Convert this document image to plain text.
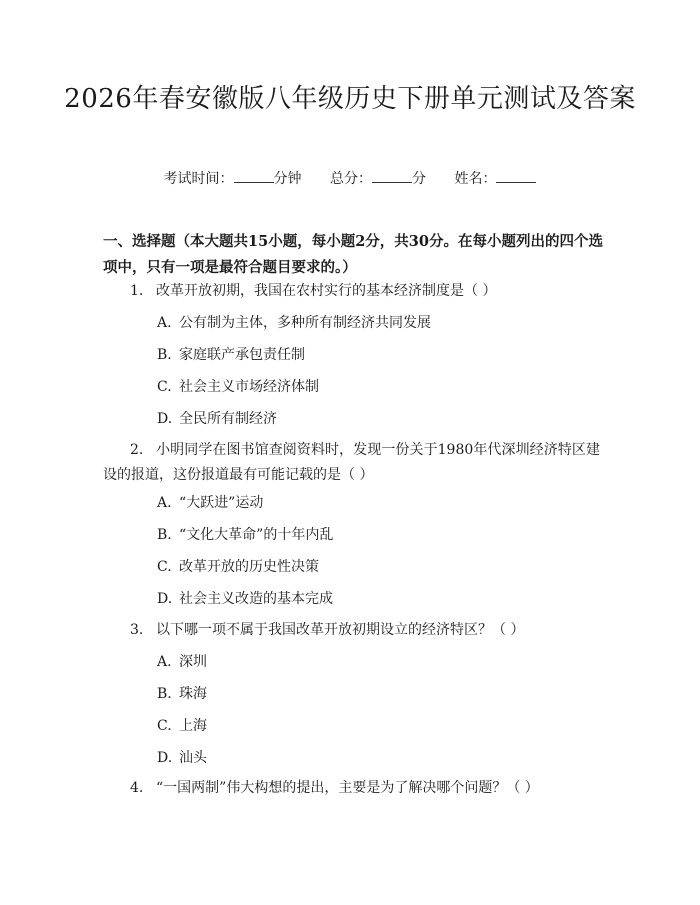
2026年春安徽版八年级历史下册单元测试及答案
考试时间：	分钟 总分：	分 姓名：
一、选择题（本大题共15小题，每小题2分，共30分。在每小题列出的四个选项中，只有一项是最符合题目要求的。）
1. 改革开放初期，我国在农村实行的基本经济制度是（ ）
A. 公有制为主体，多种所有制经济共同发展
B. 家庭联产承包责任制
C. 社会主义市场经济体制
D. 全民所有制经济
2. 小明同学在图书馆查阅资料时，发现一份关于1980年代深圳经济特区建设的报道，这份报道最有可能记载的是（ ）
A. “大跃进”运动
B. “文化大革命”的十年内乱
C. 改革开放的历史性决策
D. 社会主义改造的基本完成
3. 以下哪一项不属于我国改革开放初期设立的经济特区？（ ）
A. 深圳
B. 珠海
C. 上海
D. 汕头
4. “一国两制”伟大构想的提出，主要是为了解决哪个问题？（ ）
